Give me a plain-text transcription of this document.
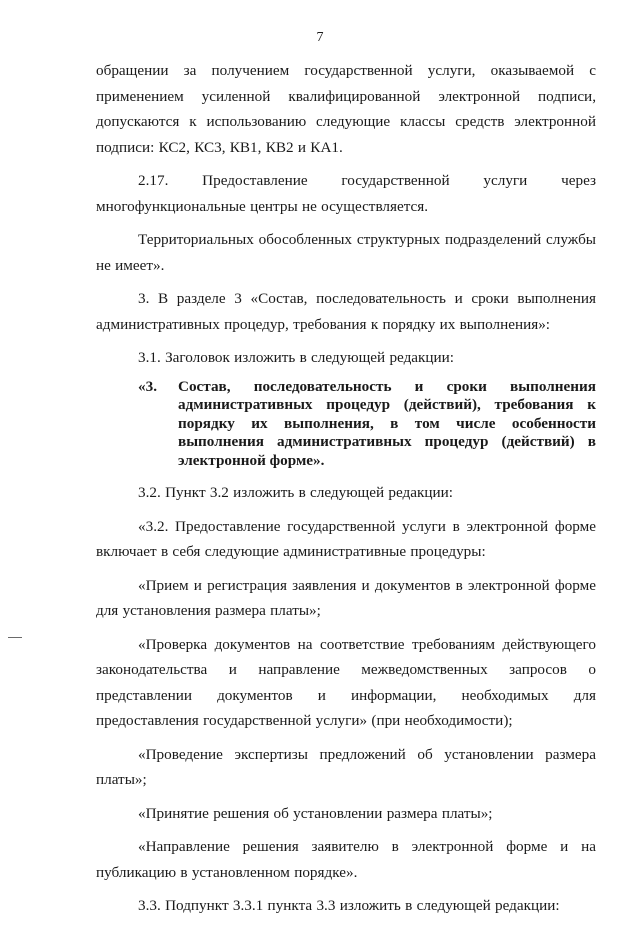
7

обращении за получением государственной услуги, оказываемой с применением усиленной квалифицированной электронной подписи, допускаются к использованию следующие классы средств электронной подписи: КС2, КС3, КВ1, КВ2 и КА1.

2.17. Предоставление государственной услуги через многофункциональные центры не осуществляется.

Территориальных обособленных структурных подразделений службы не имеет».

3. В разделе 3 «Состав, последовательность и сроки выполнения административных процедур, требования к порядку их выполнения»:

3.1. Заголовок изложить в следующей редакции:

«3.	Состав, последовательность и сроки выполнения административных процедур (действий), требования к порядку их выполнения, в том числе особенности выполнения административных процедур (действий) в электронной форме».

3.2. Пункт 3.2 изложить в следующей редакции:

«3.2. Предоставление государственной услуги в электронной форме включает в себя следующие административные процедуры:

«Прием и регистрация заявления и документов в электронной форме для установления размера платы»;

«Проверка документов на соответствие требованиям действующего законодательства и направление межведомственных запросов о представлении документов и информации, необходимых для предоставления государственной услуги» (при необходимости);

«Проведение экспертизы предложений об установлении размера платы»;

«Принятие решения об установлении размера платы»;

«Направление решения заявителю в электронной форме и на публикацию в установленном порядке».

3.3. Подпункт 3.3.1 пункта 3.3 изложить в следующей редакции:
